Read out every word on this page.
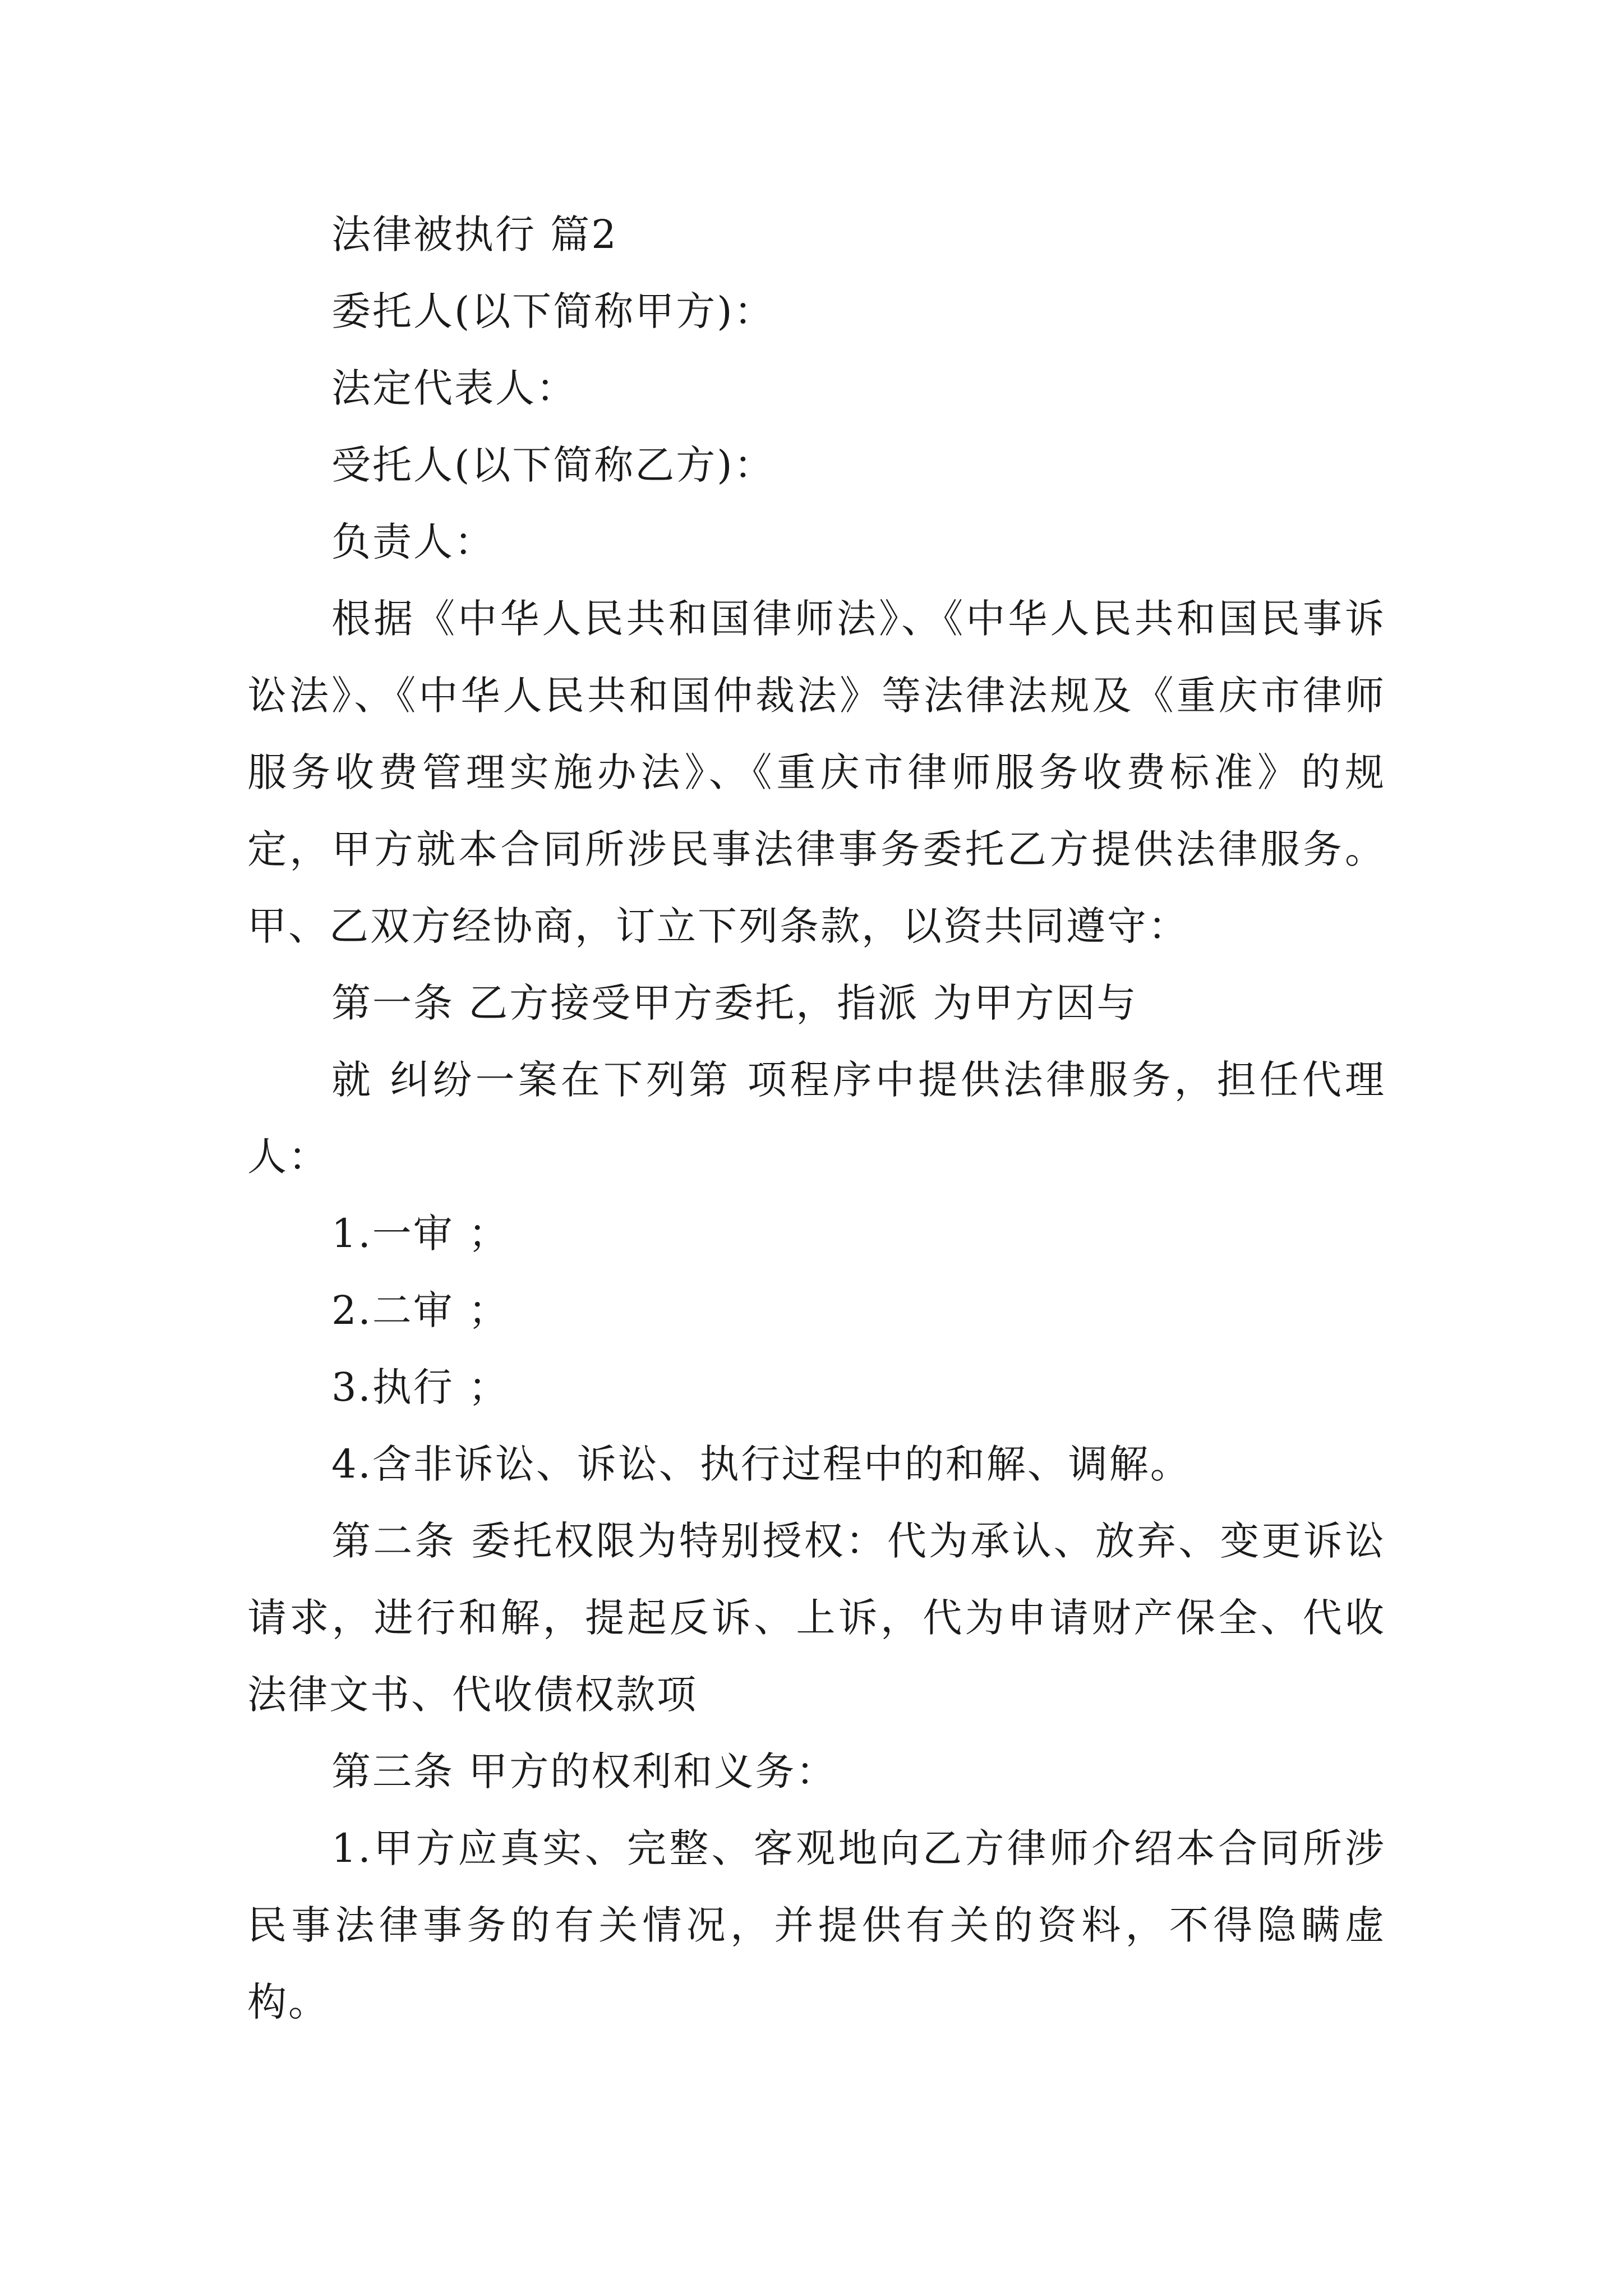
法律被执行 篇2

委托人(以下简称甲方)：

法定代表人：

受托人(以下简称乙方)：

负责人：

根据《中华人民共和国律师法》、《中华人民共和国民事诉讼法》、《中华人民共和国仲裁法》等法律法规及《重庆市律师服务收费管理实施办法》、《重庆市律师服务收费标准》的规定，甲方就本合同所涉民事法律事务委托乙方提供法律服务。甲、乙双方经协商，订立下列条款，以资共同遵守：

第一条 乙方接受甲方委托，指派 为甲方因与

就 纠纷一案在下列第 项程序中提供法律服务，担任代理人：

1.一审 ；

2.二审 ；

3.执行 ；

4.含非诉讼、诉讼、执行过程中的和解、调解。

第二条 委托权限为特别授权：代为承认、放弃、变更诉讼请求，进行和解，提起反诉、上诉，代为申请财产保全、代收法律文书、代收债权款项

第三条 甲方的权利和义务：

1.甲方应真实、完整、客观地向乙方律师介绍本合同所涉民事法律事务的有关情况，并提供有关的资料，不得隐瞒虚构。
